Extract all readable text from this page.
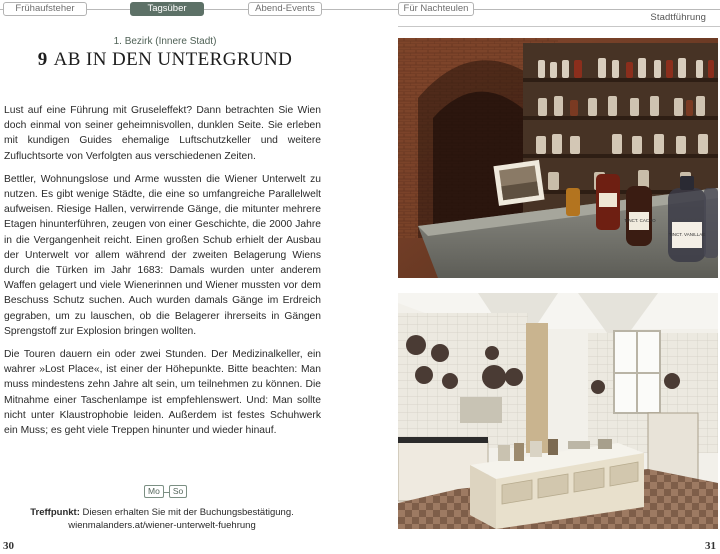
Frühaufsteher	Tagsüber	Abend-Events	Für Nachteulen
Stadtführung
1. Bezirk (Innere Stadt)
9 AB IN DEN UNTERGRUND

Lust auf eine Führung mit Gruseleffekt? Dann betrachten Sie Wien doch einmal von seiner geheimnisvollen, dunklen Seite. Sie erleben mit kundigen Guides ehemalige Luftschutzkeller und weitere Zufluchtsorte von Verfolgten aus verschiedenen Zeiten.

Bettler, Wohnungslose und Arme wussten die Wiener Unterwelt zu nutzen. Es gibt wenige Städte, die eine so umfangreiche Parallelwelt aufweisen. Riesige Hallen, verwirrende Gänge, die mitunter mehrere Etagen hinunterführen, zeugen von einer Geschichte, die 2000 Jahre in die Vergangenheit reicht. Einen großen Schub erhielt der Ausbau der Unterwelt vor allem während der zweiten Belagerung Wiens durch die Türken im Jahr 1683: Damals wurden unter anderem Waffen gelagert und viele Wienerinnen und Wiener mussten vor dem Beschuss Schutz suchen. Auch wurden damals Gänge im Erdreich gegraben, um zu lauschen, ob die Belagerer ihrerseits in Gängen Sprengstoff zur Explosion bringen wollten.

Die Touren dauern ein oder zwei Stunden. Der Medizinalkeller, ein wahrer »Lost Place«, ist einer der Höhepunkte. Bitte beachten: Man muss mindestens zehn Jahre alt sein, um teilnehmen zu können. Die Mitnahme einer Taschenlampe ist empfehlenswert. Und: Man sollte nicht unter Klaustrophobie leiden. Außerdem ist festes Schuhwerk ein Muss; es geht viele Treppen hinunter und wieder hinauf.

Mo So
Treffpunkt: Diesen erhalten Sie mit der Buchungsbestätigung.
wienmalanders.at/wiener-unterwelt-fuehrung
30	31
TINCT. CACAO
TINCT. VANILLAE
